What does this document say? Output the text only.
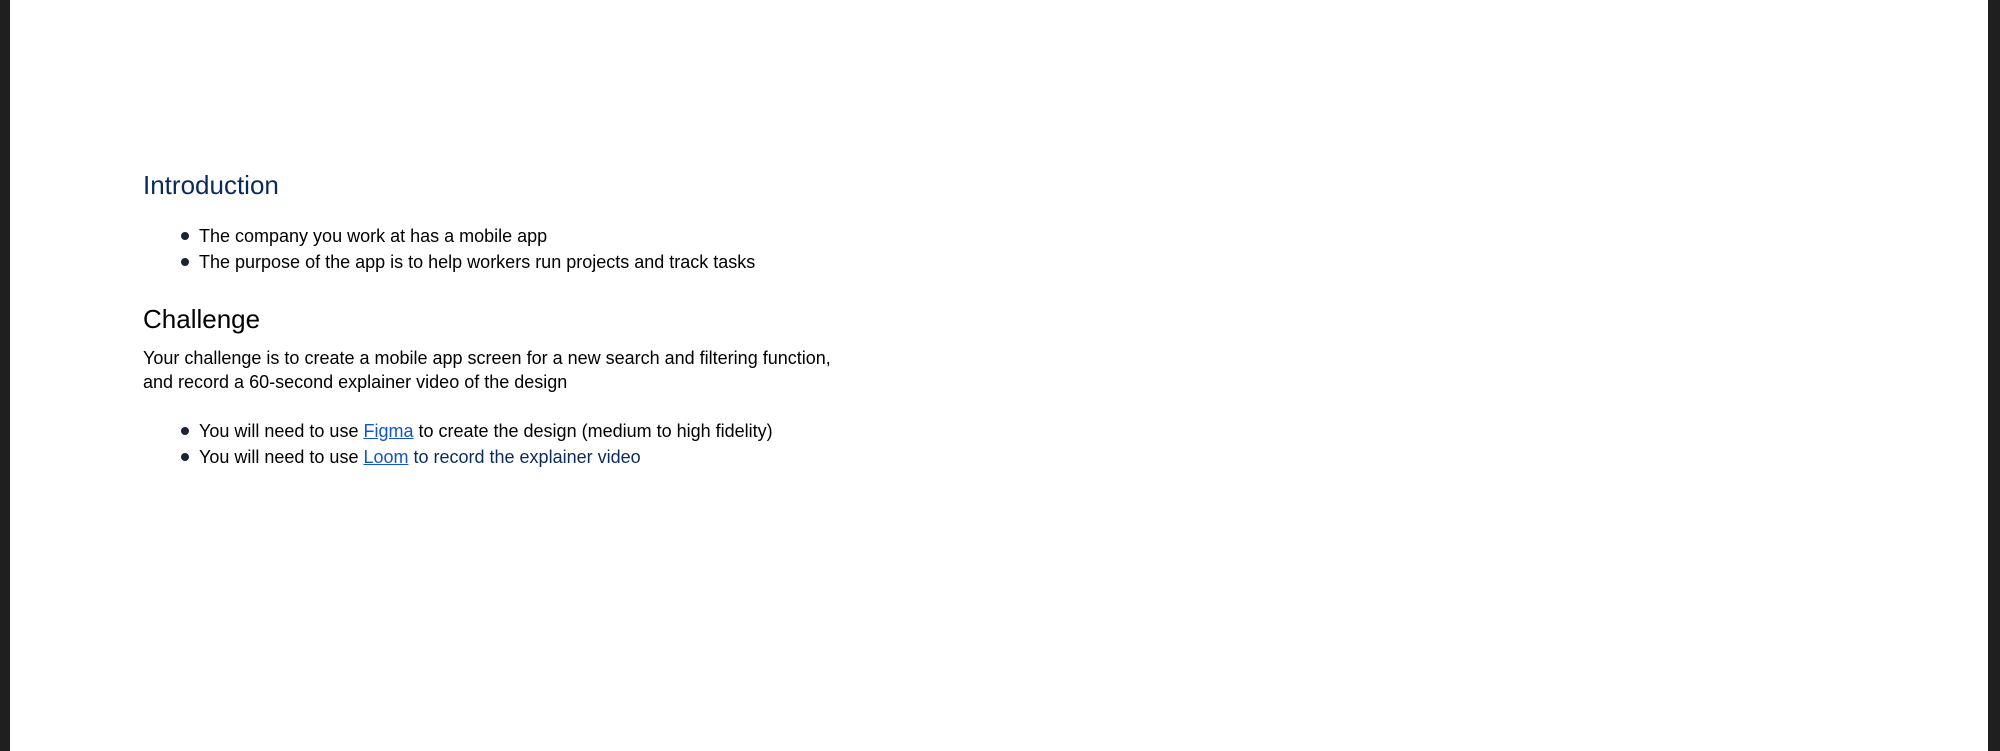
Introduction
The company you work at has a mobile app
The purpose of the app is to help workers run projects and track tasks
Challenge

Your challenge is to create a mobile app screen for a new search and filtering function, and record a 60-second explainer video of the design

You will need to use Figma to create the design (medium to high fidelity)
You will need to use Loom to record the explainer video
